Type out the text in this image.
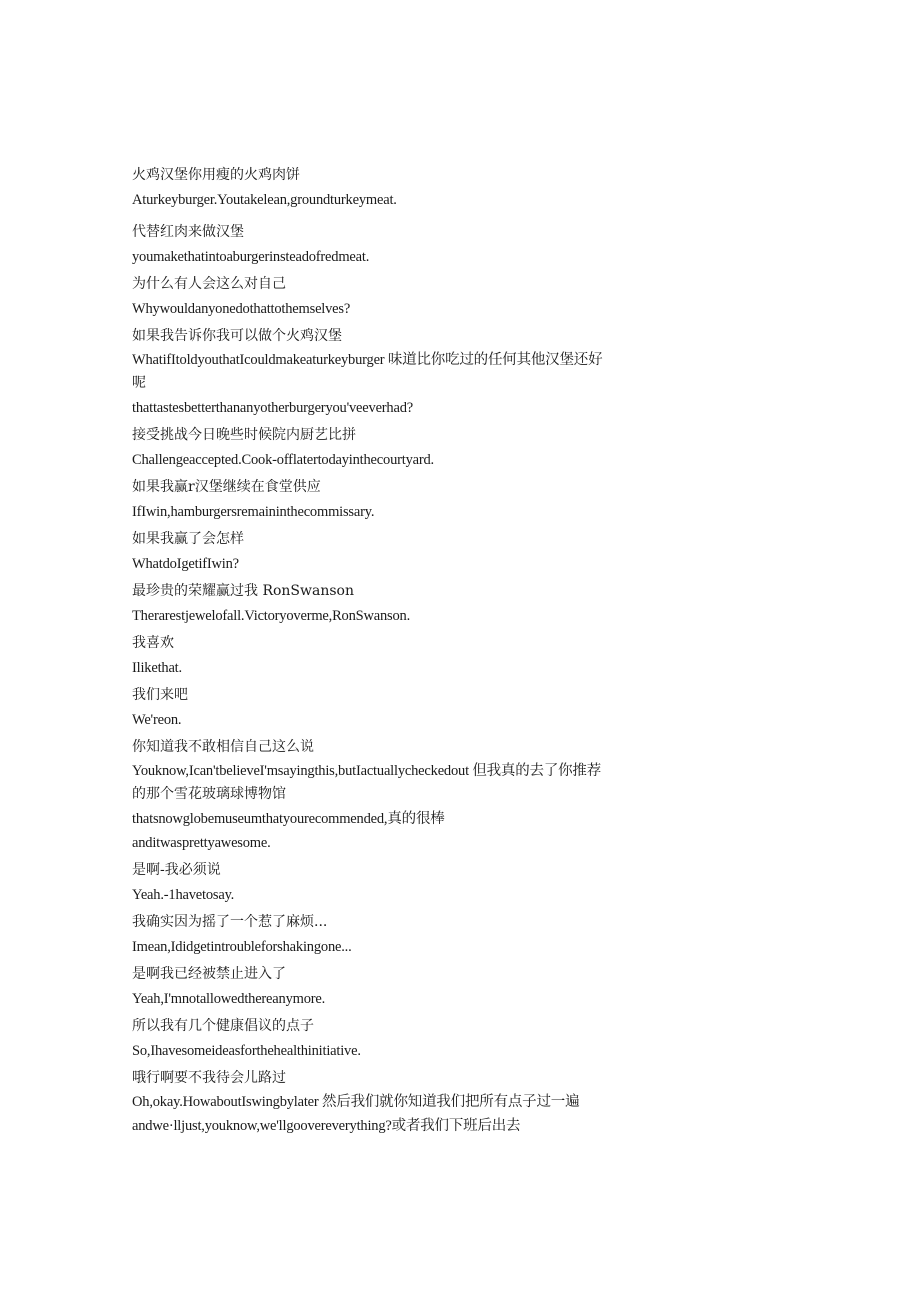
火鸡汉堡你用瘦的火鸡肉饼
Aturkeyburger.Youtakelean,groundturkeymeat.
代替红肉来做汉堡
youmakethatintoaburgerinsteadofredmeat.
为什么有人会这么对自己
Whywouldanyonedothattothemselves?
如果我告诉你我可以做个火鸡汉堡
WhatifItoldyouthatIcouldmakeaturkeyburger 味道比你吃过的任何其他汉堡还好
呢
thattastesbetterthananyotherburgeryou'veeverhad?
接受挑战今日晚些时候院内厨艺比拼
Challengeaccepted.Cook-offlatertodayinthecourtyard.
如果我赢r汉堡继续在食堂供应
IfIwin,hamburgersremaininthecommissary.
如果我赢了会怎样
WhatdoIgetifIwin?
最珍贵的荣耀赢过我 RonSwanson
Therarestjewelofall.Victoryoverme,RonSwanson.
我喜欢
Ilikethat.
我们来吧
We'reon.
你知道我不敢相信自己这么说
Youknow,Ican'tbelieveI'msayingthis,butIactuallycheckedout 但我真的去了你推荐
的那个雪花玻璃球博物馆
thatsnowglobemuseumthatyourecommended,真的很棒
anditwasprettyawesome.
是啊-我必须说
Yeah.-1havetosay.
我确实因为摇了一个惹了麻烦...
Imean,Ididgetintroubleforshakingone...
是啊我已经被禁止进入了
Yeah,I'mnotallowedthereanymore.
所以我有几个健康倡议的点子
So,Ihavesomeideasforthehealthinitiative.
哦行啊要不我待会儿路过
Oh,okay.HowaboutIswingbylater 然后我们就你知道我们把所有点子过一遍
andwe·lljust,youknow,we'llgoovereverything?或者我们下班后出去
